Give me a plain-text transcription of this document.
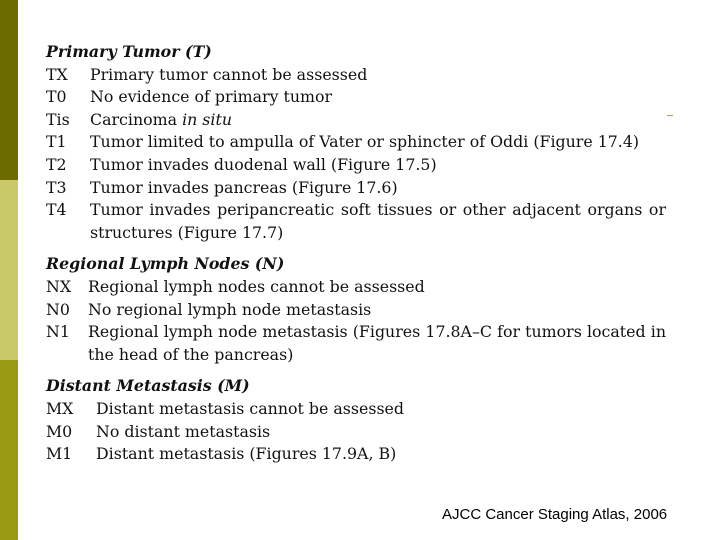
Primary Tumor (T)
TX	Primary tumor cannot be assessed
T0	No evidence of primary tumor
Tis	Carcinoma in situ
T1	Tumor limited to ampulla of Vater or sphincter of Oddi (Figure 17.4)
T2	Tumor invades duodenal wall (Figure 17.5)
T3	Tumor invades pancreas (Figure 17.6)
T4	Tumor invades peripancreatic soft tissues or other adjacent organs or structures (Figure 17.7)
Regional Lymph Nodes (N)
NX	Regional lymph nodes cannot be assessed
N0	No regional lymph node metastasis
N1	Regional lymph node metastasis (Figures 17.8A–C for tumors located in the head of the pancreas)
Distant Metastasis (M)
MX	Distant metastasis cannot be assessed
M0	No distant metastasis
M1	Distant metastasis (Figures 17.9A, B)
AJCC Cancer Staging Atlas, 2006
